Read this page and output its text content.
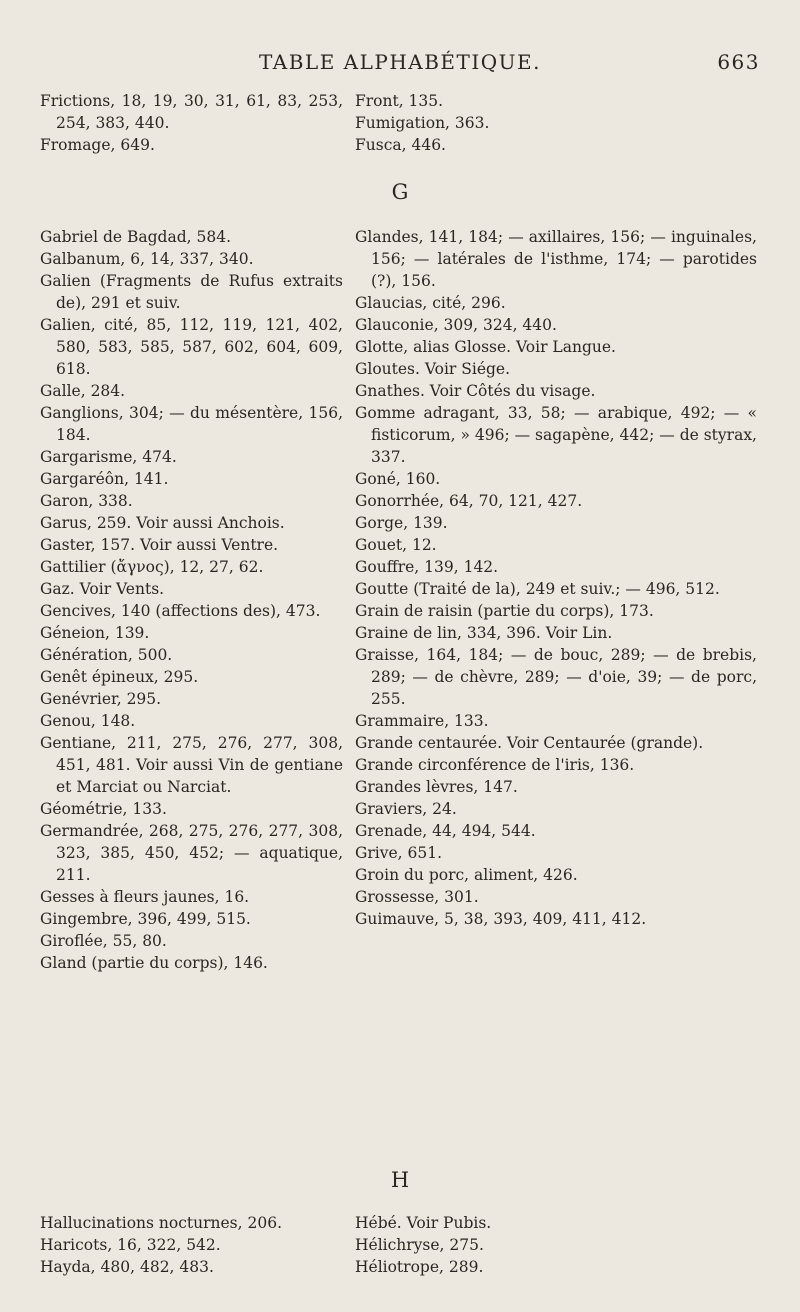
TABLE ALPHABÉTIQUE.	663

Frictions, 18, 19, 30, 31, 61, 83, 253, 254, 383, 440.

Fromage, 649.

Front, 135.

Fumigation, 363.

Fusca, 446.

G

Gabriel de Bagdad, 584.

Galbanum, 6, 14, 337, 340.

Galien (Fragments de Rufus extraits de), 291 et suiv.

Galien, cité, 85, 112, 119, 121, 402, 580, 583, 585, 587, 602, 604, 609, 618.

Galle, 284.

Ganglions, 304; — du mésentère, 156, 184.

Gargarisme, 474.

Gargaréôn, 141.

Garon, 338.

Garus, 259. Voir aussi Anchois.

Gaster, 157. Voir aussi Ventre.

Gattilier (ἄγνος), 12, 27, 62.

Gaz. Voir Vents.

Gencives, 140 (affections des), 473.

Géneion, 139.

Génération, 500.

Genêt épineux, 295.

Genévrier, 295.

Genou, 148.

Gentiane, 211, 275, 276, 277, 308, 451, 481. Voir aussi Vin de gentiane et Marciat ou Narciat.

Géométrie, 133.

Germandrée, 268, 275, 276, 277, 308, 323, 385, 450, 452; — aquatique, 211.

Gesses à fleurs jaunes, 16.

Gingembre, 396, 499, 515.

Giroflée, 55, 80.

Gland (partie du corps), 146.

Glandes, 141, 184; — axillaires, 156; — inguinales, 156; — latérales de l'isthme, 174; — parotides (?), 156.

Glaucias, cité, 296.

Glauconie, 309, 324, 440.

Glotte, alias Glosse. Voir Langue.

Gloutes. Voir Siége.

Gnathes. Voir Côtés du visage.

Gomme adragant, 33, 58; — arabique, 492; — « fisticorum, » 496; — sagapène, 442; — de styrax, 337.

Goné, 160.

Gonorrhée, 64, 70, 121, 427.

Gorge, 139.

Gouet, 12.

Gouffre, 139, 142.

Goutte (Traité de la), 249 et suiv.; — 496, 512.

Grain de raisin (partie du corps), 173.

Graine de lin, 334, 396. Voir Lin.

Graisse, 164, 184; — de bouc, 289; — de brebis, 289; — de chèvre, 289; — d'oie, 39; — de porc, 255.

Grammaire, 133.

Grande centaurée. Voir Centaurée (grande).

Grande circonférence de l'iris, 136.

Grandes lèvres, 147.

Graviers, 24.

Grenade, 44, 494, 544.

Grive, 651.

Groin du porc, aliment, 426.

Grossesse, 301.

Guimauve, 5, 38, 393, 409, 411, 412.

H

Hallucinations nocturnes, 206.

Haricots, 16, 322, 542.

Hayda, 480, 482, 483.

Hébé. Voir Pubis.

Hélichryse, 275.

Héliotrope, 289.
